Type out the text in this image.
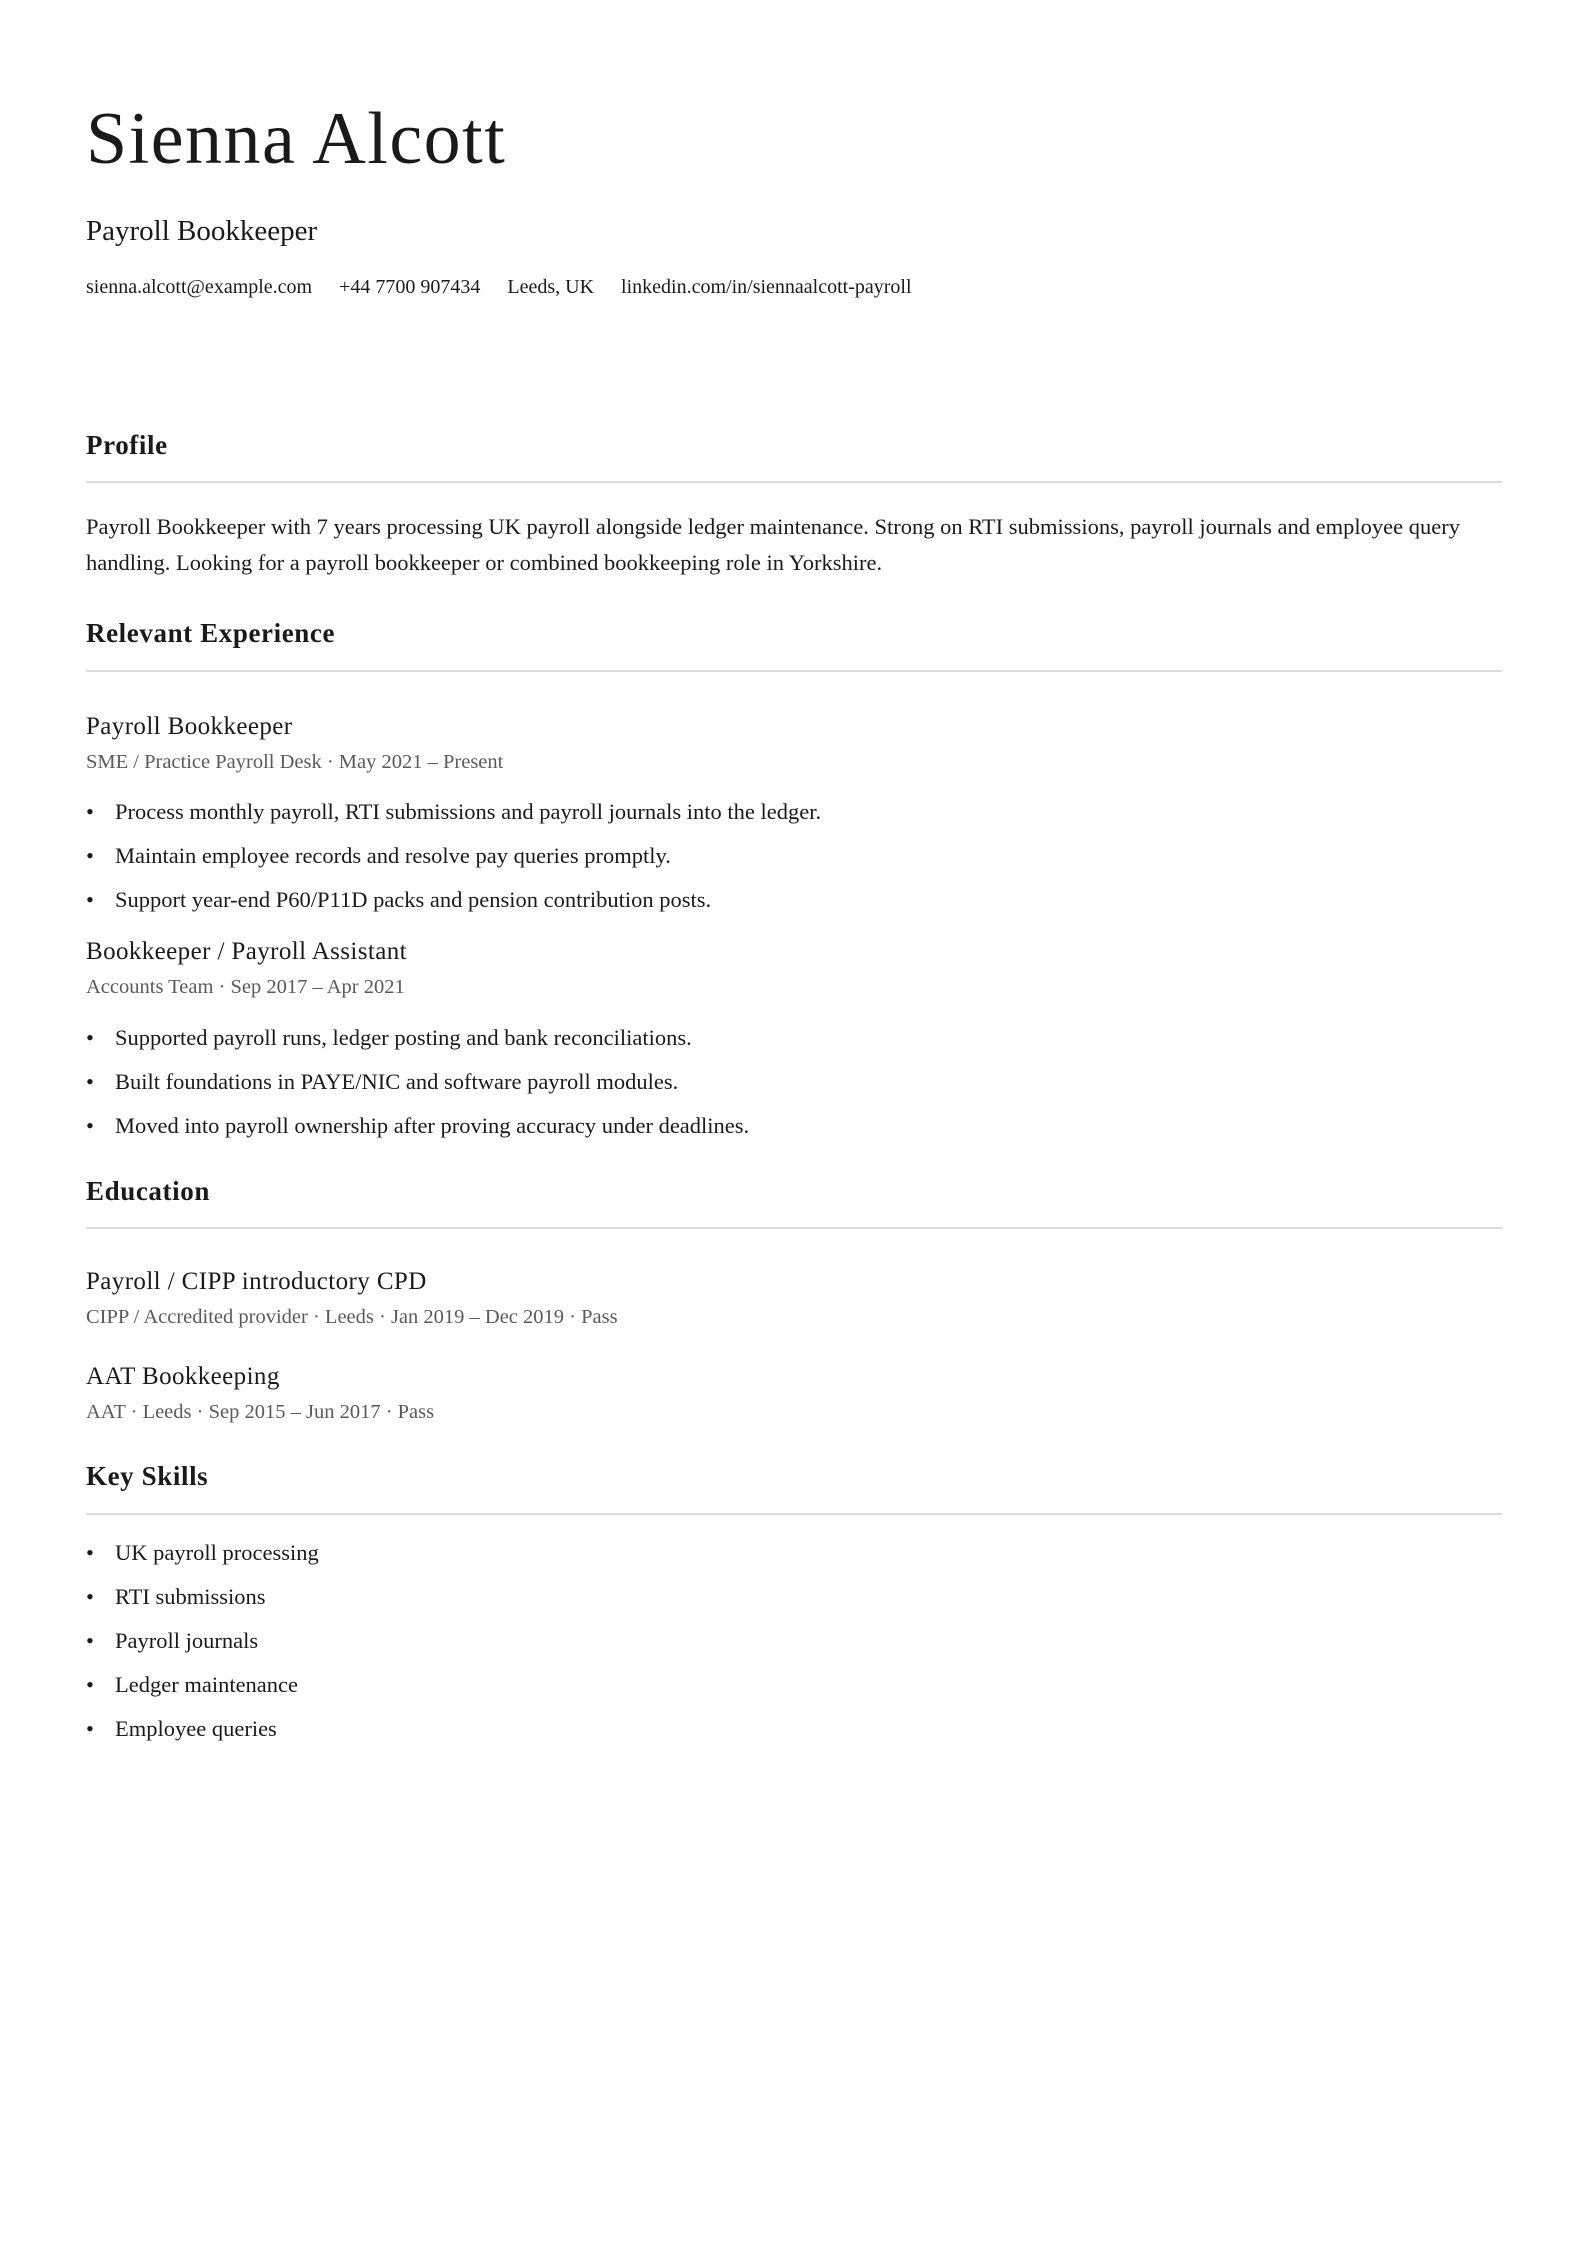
Sienna Alcott
Payroll Bookkeeper
sienna.alcott@example.com +44 7700 907434 Leeds, UK linkedin.com/in/siennaalcott-payroll
Profile

Payroll Bookkeeper with 7 years processing UK payroll alongside ledger maintenance. Strong on RTI submissions, payroll journals and employee query handling. Looking for a payroll bookkeeper or combined bookkeeping role in Yorkshire.

Relevant Experience
Payroll Bookkeeper
SME / Practice Payroll Desk · May 2021 – Present
• Process monthly payroll, RTI submissions and payroll journals into the ledger.
• Maintain employee records and resolve pay queries promptly.
• Support year-end P60/P11D packs and pension contribution posts.
Bookkeeper / Payroll Assistant
Accounts Team · Sep 2017 – Apr 2021
• Supported payroll runs, ledger posting and bank reconciliations.
• Built foundations in PAYE/NIC and software payroll modules.
• Moved into payroll ownership after proving accuracy under deadlines.
Education
Payroll / CIPP introductory CPD
CIPP / Accredited provider · Leeds · Jan 2019 – Dec 2019 · Pass
AAT Bookkeeping
AAT · Leeds · Sep 2015 – Jun 2017 · Pass
Key Skills
• UK payroll processing
• RTI submissions
• Payroll journals
• Ledger maintenance
• Employee queries
